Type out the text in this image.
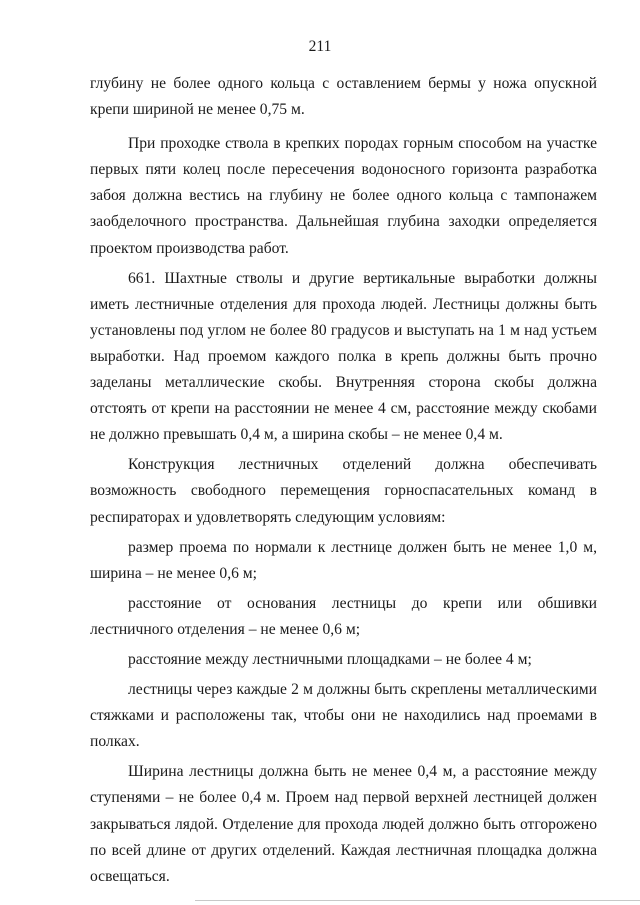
211

глубину не более одного кольца с оставлением бермы у ножа опускной крепи шириной не менее 0,75 м.

При проходке ствола в крепких породах горным способом на участке первых пяти колец после пересечения водоносного горизонта разработка забоя должна вестись на глубину не более одного кольца с тампонажем заобделочного пространства. Дальнейшая глубина заходки определяется проектом производства работ.

661. Шахтные стволы и другие вертикальные выработки должны иметь лестничные отделения для прохода людей. Лестницы должны быть установлены под углом не более 80 градусов и выступать на 1 м над устьем выработки. Над проемом каждого полка в крепь должны быть прочно заделаны металлические скобы. Внутренняя сторона скобы должна отстоять от крепи на расстоянии не менее 4 см, расстояние между скобами не должно превышать 0,4 м, а ширина скобы – не менее 0,4 м.

Конструкция лестничных отделений должна обеспечивать возможность свободного перемещения горноспасательных команд в респираторах и удовлетворять следующим условиям:

размер проема по нормали к лестнице должен быть не менее 1,0 м, ширина – не менее 0,6 м;

расстояние от основания лестницы до крепи или обшивки лестничного отделения – не менее 0,6 м;

расстояние между лестничными площадками – не более 4 м;

лестницы через каждые 2 м должны быть скреплены металлическими стяжками и расположены так, чтобы они не находились над проемами в полках.

Ширина лестницы должна быть не менее 0,4 м, а расстояние между ступенями – не более 0,4 м. Проем над первой верхней лестницей должен закрываться лядой. Отделение для прохода людей должно быть отгорожено по всей длине от других отделений. Каждая лестничная площадка должна освещаться.
